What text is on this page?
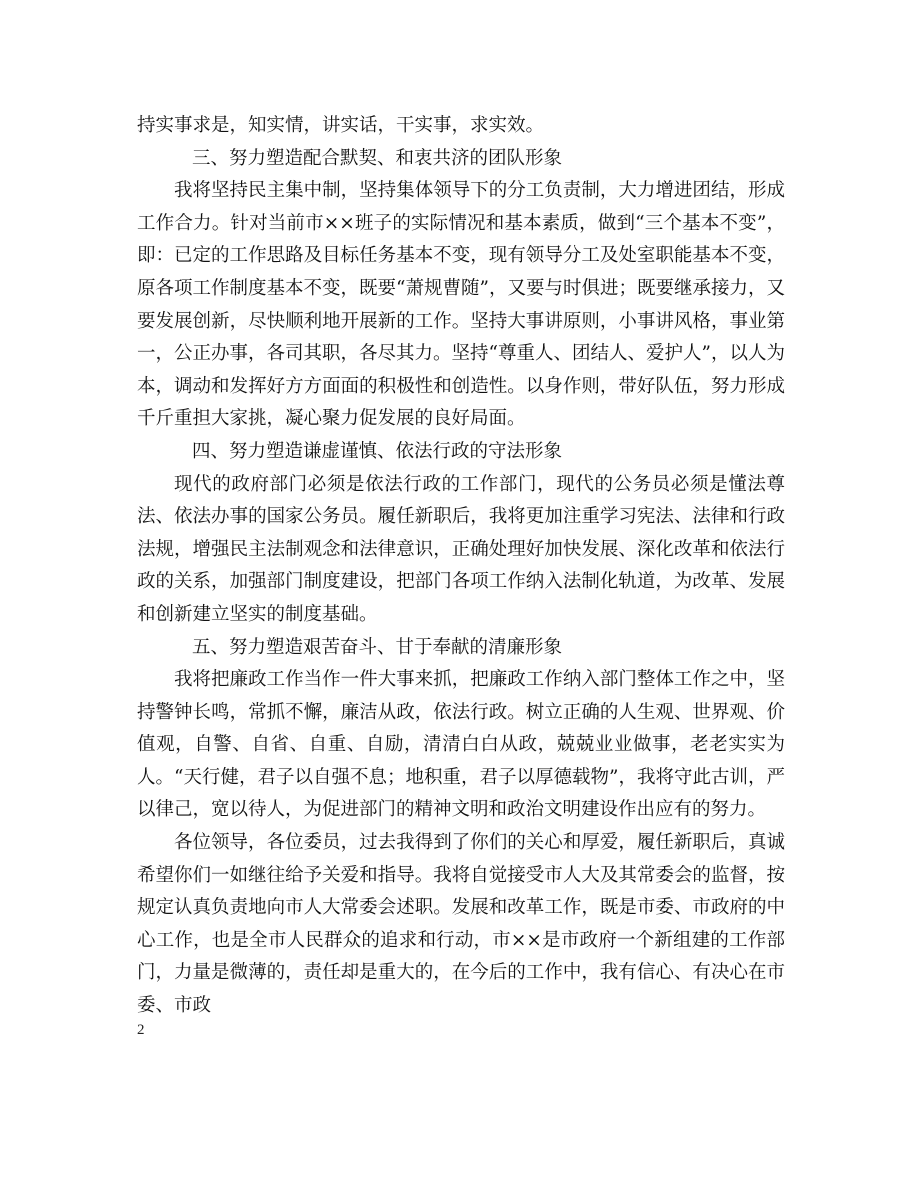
持实事求是，知实情，讲实话，干实事，求实效。

三、努力塑造配合默契、和衷共济的团队形象

我将坚持民主集中制，坚持集体领导下的分工负责制，大力增进团结，形成工作合力。针对当前市××班子的实际情况和基本素质，做到“三个基本不变”，即：已定的工作思路及目标任务基本不变，现有领导分工及处室职能基本不变，原各项工作制度基本不变，既要“萧规曹随”，又要与时俱进；既要继承接力，又要发展创新，尽快顺利地开展新的工作。坚持大事讲原则，小事讲风格，事业第一，公正办事，各司其职，各尽其力。坚持“尊重人、团结人、爱护人”，以人为本，调动和发挥好方方面面的积极性和创造性。以身作则，带好队伍，努力形成千斤重担大家挑，凝心聚力促发展的良好局面。

四、努力塑造谦虚谨慎、依法行政的守法形象

现代的政府部门必须是依法行政的工作部门，现代的公务员必须是懂法尊法、依法办事的国家公务员。履任新职后，我将更加注重学习宪法、法律和行政法规，增强民主法制观念和法律意识，正确处理好加快发展、深化改革和依法行政的关系，加强部门制度建设，把部门各项工作纳入法制化轨道，为改革、发展和创新建立坚实的制度基础。

五、努力塑造艰苦奋斗、甘于奉献的清廉形象

我将把廉政工作当作一件大事来抓，把廉政工作纳入部门整体工作之中，坚持警钟长鸣，常抓不懈，廉洁从政，依法行政。树立正确的人生观、世界观、价值观，自警、自省、自重、自励，清清白白从政，兢兢业业做事，老老实实为人。“天行健，君子以自强不息；地积重，君子以厚德载物”，我将守此古训，严以律己，宽以待人，为促进部门的精神文明和政治文明建设作出应有的努力。

各位领导，各位委员，过去我得到了你们的关心和厚爱，履任新职后，真诚希望你们一如继往给予关爱和指导。我将自觉接受市人大及其常委会的监督，按规定认真负责地向市人大常委会述职。发展和改革工作，既是市委、市政府的中心工作，也是全市人民群众的追求和行动，市××是市政府一个新组建的工作部门，力量是微薄的，责任却是重大的，在今后的工作中，我有信心、有决心在市委、市政

2
